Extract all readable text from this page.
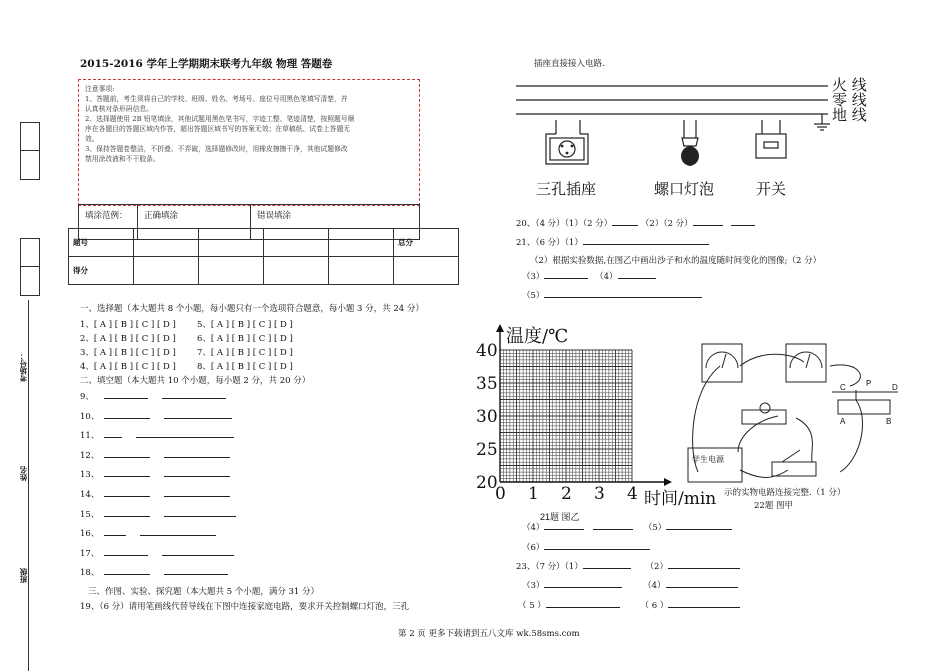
考场号：
姓名
班级
2015-2016 学年上学期期末联考九年级 物理 答题卷
注意事项:
1、答题前，考生须将自己的学校、班级、姓名、考场号、座位号用黑色笔填写清楚，并
认真核对条形码信息。
2、选择题使用 2B 铅笔填涂，其他试题用黑色笔书写，字迹工整、笔迹清楚，按照题号顺
序在各题目的答题区域内作答，超出答题区域书写的答案无效；在草稿纸、试卷上答题无
效。
3、保持答题卷整洁，不折叠、不弄破，选择题修改时，用橡皮擦擦干净，其他试题修改
禁用涂改液和不干胶条。
填涂范例：	正确填涂	错误填涂
题号					总分
得分					
一、选择题（本大题共 8 个小题，每小题只有一个选项符合题意，每小题 3 分，共 24 分）
1、[ A ] [ B ] [ C ] [ D ] 5、[ A ] [ B ] [ C ] [ D ]
2、[ A ] [ B ] [ C ] [ D ] 6、[ A ] [ B ] [ C ] [ D ]
3、[ A ] [ B ] [ C ] [ D ] 7、[ A ] [ B ] [ C ] [ D ]
4、[ A ] [ B ] [ C ] [ D ] 8、[ A ] [ B ] [ C ] [ D ]
二、填空题（本大题共 10 个小题，每小题 2 分，共 20 分）
9、
10、
11、
12、
13、
14、
15、
16、
17、
18、
三、作图、实验、探究题（本大题共 5 个小题，满分 31 分）
19、（6 分）请用笔画线代替导线在下图中连接家庭电路，要求开关控制螺口灯泡，三孔
插座直接接入电路.
火 线
零 线
地 线
三孔插座	螺口灯泡	开关
20、（4 分）（1）（2 分）	（2）（2 分）
21、（6 分）（1）
（2）根据实验数据,在图乙中画出沙子和水的温度随时间变化的图像;（2 分）
（3）	（4）
（5）
40
35
30
25
20
0 1 2 3 4
温度/℃
时间/min
21题 图乙
学生电源
C	P	D
A	B
示的实物电路连接完整.（1 分）
22题 图甲
（4）	（5）
（6）
23、（7 分）（1）	（2）
（3）	（4）
（ 5 ）	（ 6 ）
第 2 页 更多下载请到五八文库 wk.58sms.com
